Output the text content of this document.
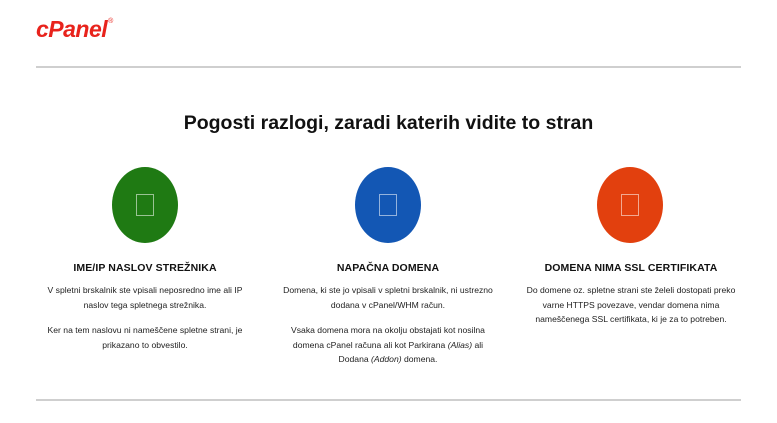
cPanel®
Pogosti razlogi, zaradi katerih vidite to stran
IME/IP NASLOV STREŽNIKA

V spletni brskalnik ste vpisali neposredno ime ali IP naslov tega spletnega strežnika.

Ker na tem naslovu ni nameščene spletne strani, je prikazano to obvestilo.

NAPAČNA DOMENA

Domena, ki ste jo vpisali v spletni brskalnik, ni ustrezno dodana v cPanel/WHM račun.

Vsaka domena mora na okolju obstajati kot nosilna domena cPanel računa ali kot Parkirana (Alias) ali Dodana (Addon) domena.

DOMENA NIMA SSL CERTIFIKATA

Do domene oz. spletne strani ste želeli dostopati preko varne HTTPS povezave, vendar domena nima nameščenega SSL certifikata, ki je za to potreben.
